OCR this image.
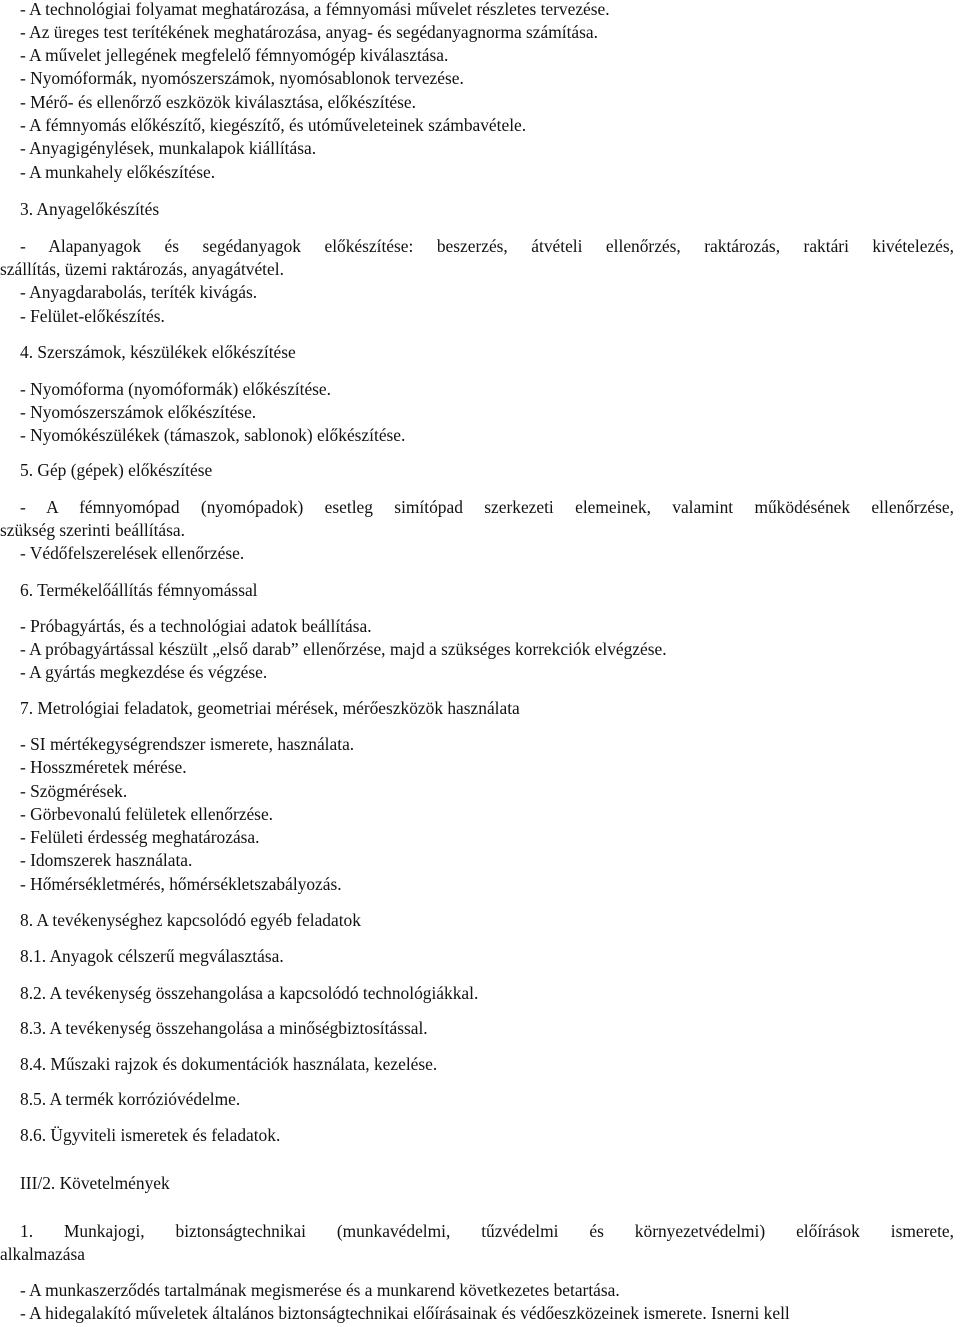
- A technológiai folyamat meghatározása, a fémnyomási művelet részletes tervezése.
- Az üreges test terítékének meghatározása, anyag- és segédanyagnorma számítása.
- A művelet jellegének megfelelő fémnyomógép kiválasztása.
- Nyomóformák, nyomószerszámok, nyomósablonok tervezése.
- Mérő- és ellenőrző eszközök kiválasztása, előkészítése.
- A fémnyomás előkészítő, kiegészítő, és utóműveleteinek számbavétele.
- Anyagigénylések, munkalapok kiállítása.
- A munkahely előkészítése.
3. Anyagelőkészítés
- Alapanyagok és segédanyagok előkészítése: beszerzés, átvételi ellenőrzés, raktározás, raktári kivételezés,
szállítás, üzemi raktározás, anyagátvétel.
- Anyagdarabolás, teríték kivágás.
- Felület-előkészítés.
4. Szerszámok, készülékek előkészítése
- Nyomóforma (nyomóformák) előkészítése.
- Nyomószerszámok előkészítése.
- Nyomókészülékek (támaszok, sablonok) előkészítése.
5. Gép (gépek) előkészítése
- A fémnyomópad (nyomópadok) esetleg simítópad szerkezeti elemeinek, valamint működésének ellenőrzése,
szükség szerinti beállítása.
- Védőfelszerelések ellenőrzése.
6. Termékelőállítás fémnyomással
- Próbagyártás, és a technológiai adatok beállítása.
- A próbagyártással készült „első darab” ellenőrzése, majd a szükséges korrekciók elvégzése.
- A gyártás megkezdése és végzése.
7. Metrológiai feladatok, geometriai mérések, mérőeszközök használata
- SI mértékegységrendszer ismerete, használata.
- Hosszméretek mérése.
- Szögmérések.
- Görbevonalú felületek ellenőrzése.
- Felületi érdesség meghatározása.
- Idomszerek használata.
- Hőmérsékletmérés, hőmérsékletszabályozás.
8. A tevékenységhez kapcsolódó egyéb feladatok
8.1. Anyagok célszerű megválasztása.
8.2. A tevékenység összehangolása a kapcsolódó technológiákkal.
8.3. A tevékenység összehangolása a minőségbiztosítással.
8.4. Műszaki rajzok és dokumentációk használata, kezelése.
8.5. A termék korrózióvédelme.
8.6. Ügyviteli ismeretek és feladatok.
III/2. Követelmények
1. Munkajogi, biztonságtechnikai (munkavédelmi, tűzvédelmi és környezetvédelmi) előírások ismerete,
alkalmazása
- A munkaszerződés tartalmának megismerése és a munkarend következetes betartása.
- A hidegalakító műveletek általános biztonságtechnikai előírásainak és védőeszközeinek ismerete. Isnerni kell
